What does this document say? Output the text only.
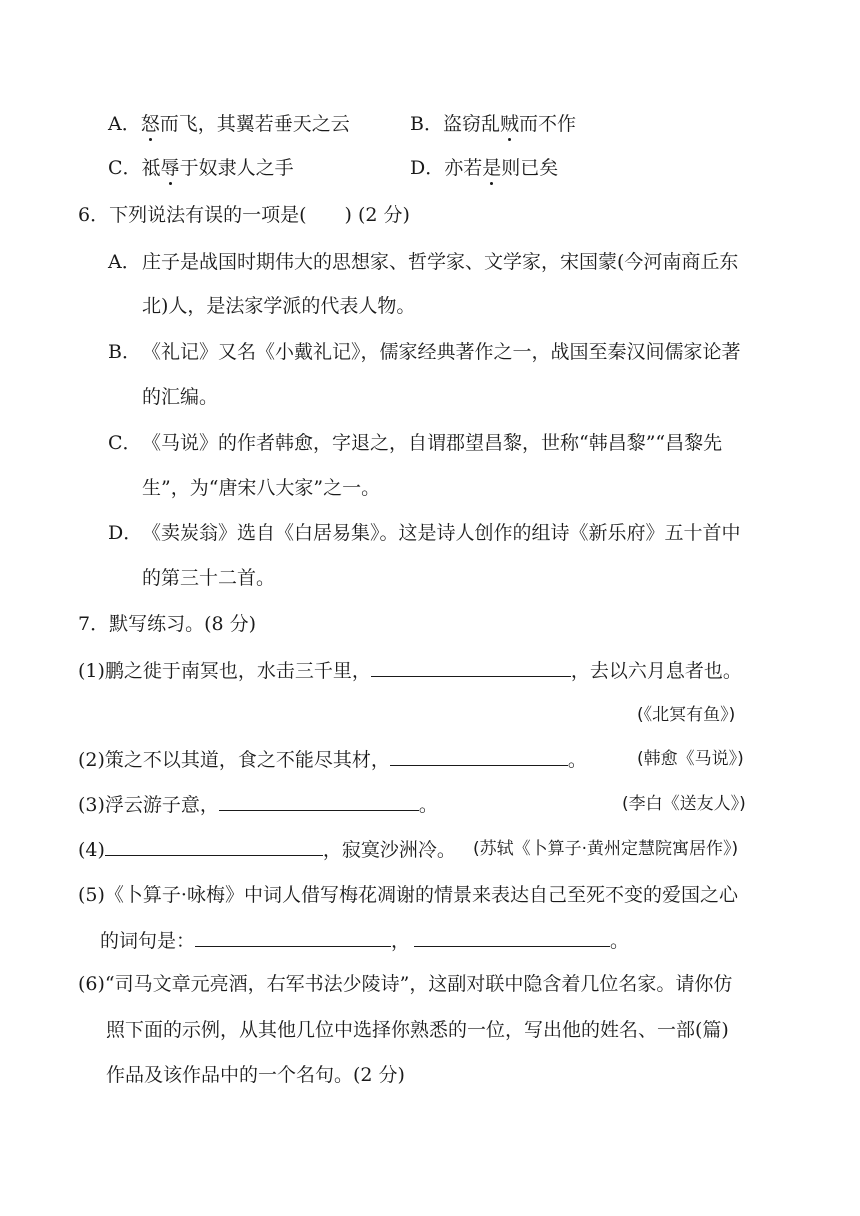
A．怒而飞，其翼若垂天之云	B．盗窃乱贼而不作
C．祗辱于奴隶人之手	D．亦若是则已矣
6．下列说法有误的一项是(　　) (2 分)
A． 庄子是战国时期伟大的思想家、哲学家、文学家，宋国蒙(今河南商丘东
北)人，是法家学派的代表人物。
B． 《礼记》又名《小戴礼记》，儒家经典著作之一，战国至秦汉间儒家论著
的汇编。
C． 《马说》的作者韩愈，字退之，自谓郡望昌黎，世称“韩昌黎”“昌黎先
生”，为“唐宋八大家”之一。
D． 《卖炭翁》选自《白居易集》。这是诗人创作的组诗《新乐府》五十首中
的第三十二首。
7．默写练习。(8 分)
(1)鹏之徙于南冥也，水击三千里，	，去以六月息者也。
(《北冥有鱼》)
(2)策之不以其道，食之不能尽其材，	。	(韩愈《马说》)
(3)浮云游子意，	。	(李白《送友人》)
(4)	，寂寞沙洲冷。 (苏轼《卜算子·黄州定慧院寓居作》)
(5)《卜算子·咏梅》中词人借写梅花凋谢的情景来表达自己至死不变的爱国之心
的词句是：	，	。
(6)“司马文章元亮酒，右军书法少陵诗”，这副对联中隐含着几位名家。请你仿
照下面的示例，从其他几位中选择你熟悉的一位，写出他的姓名、一部(篇)
作品及该作品中的一个名句。(2 分)
